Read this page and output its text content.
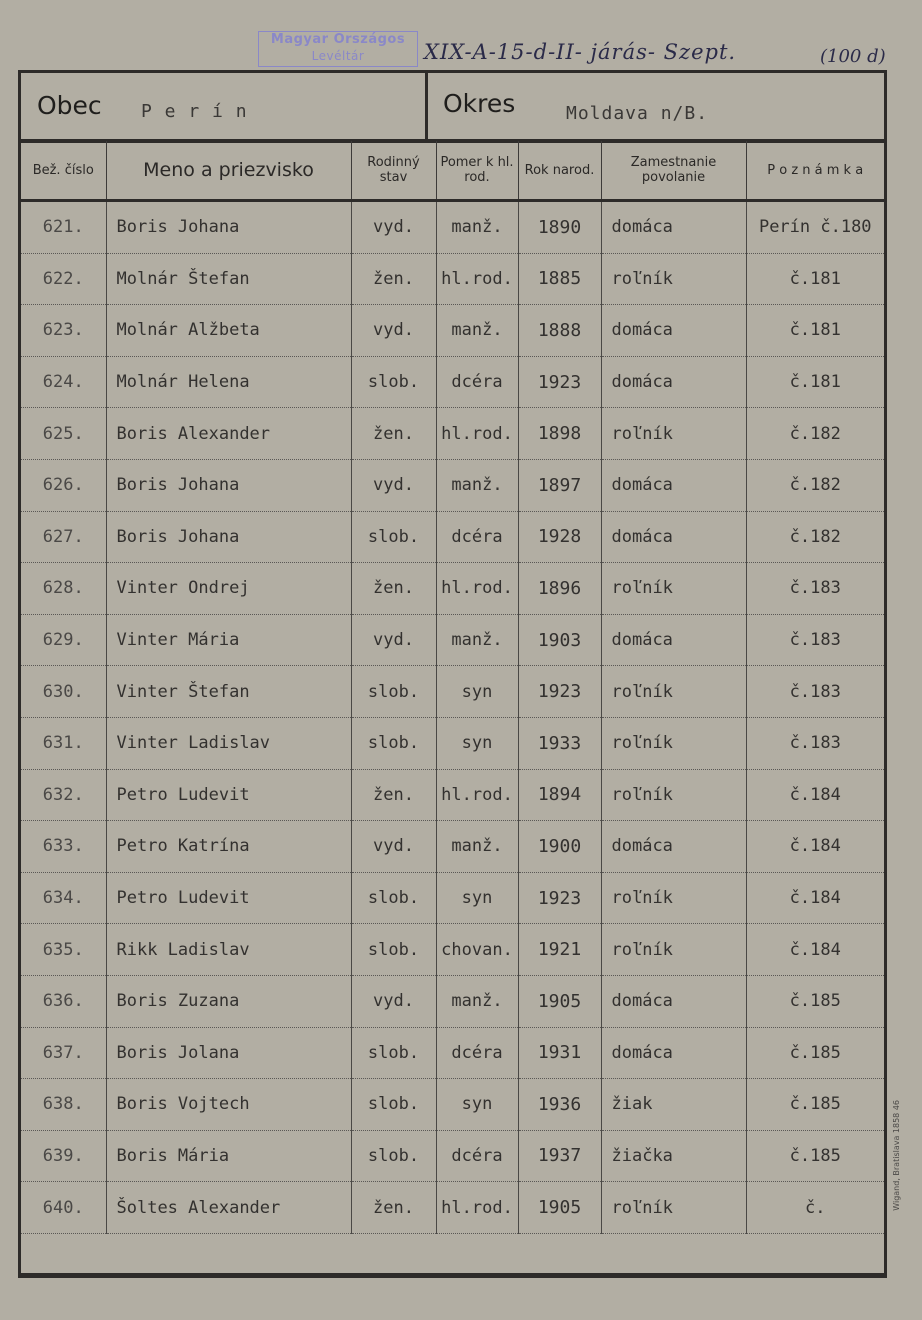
Magyar Országos
Levéltár	XIX-A-15-d-II- járás- Szept.	(100 d)
Obec P e r í n	Okres	Moldava n/B.
Bež. číslo	Meno a priezvisko	Rodinný stav	Pomer k hl. rod.	Rok narod.	Zamestnanie povolanie	P o z n á m k a
621.	Boris Johana	vyd.	manž.	1890	domáca	Perín č.180
622.	Molnár Štefan	žen.	hl.rod.	1885	roľník	č.181
623.	Molnár Alžbeta	vyd.	manž.	1888	domáca	č.181
624.	Molnár Helena	slob.	dcéra	1923	domáca	č.181
625.	Boris Alexander	žen.	hl.rod.	1898	roľník	č.182
626.	Boris Johana	vyd.	manž.	1897	domáca	č.182
627.	Boris Johana	slob.	dcéra	1928	domáca	č.182
628.	Vinter Ondrej	žen.	hl.rod.	1896	roľník	č.183
629.	Vinter Mária	vyd.	manž.	1903	domáca	č.183
630.	Vinter Štefan	slob.	syn	1923	roľník	č.183
631.	Vinter Ladislav	slob.	syn	1933	roľník	č.183
632.	Petro Ludevit	žen.	hl.rod.	1894	roľník	č.184
633.	Petro Katrína	vyd.	manž.	1900	domáca	č.184
634.	Petro Ludevit	slob.	syn	1923	roľník	č.184
635.	Rikk Ladislav	slob.	chovan.	1921	roľník	č.184
636.	Boris Zuzana	vyd.	manž.	1905	domáca	č.185
637.	Boris Jolana	slob.	dcéra	1931	domáca	č.185
638.	Boris Vojtech	slob.	syn	1936	žiak	č.185
639.	Boris Mária	slob.	dcéra	1937	žiačka	č.185
640.	Šoltes Alexander	žen.	hl.rod.	1905	roľník	č.	Wigand, Bratislava 1858 46
